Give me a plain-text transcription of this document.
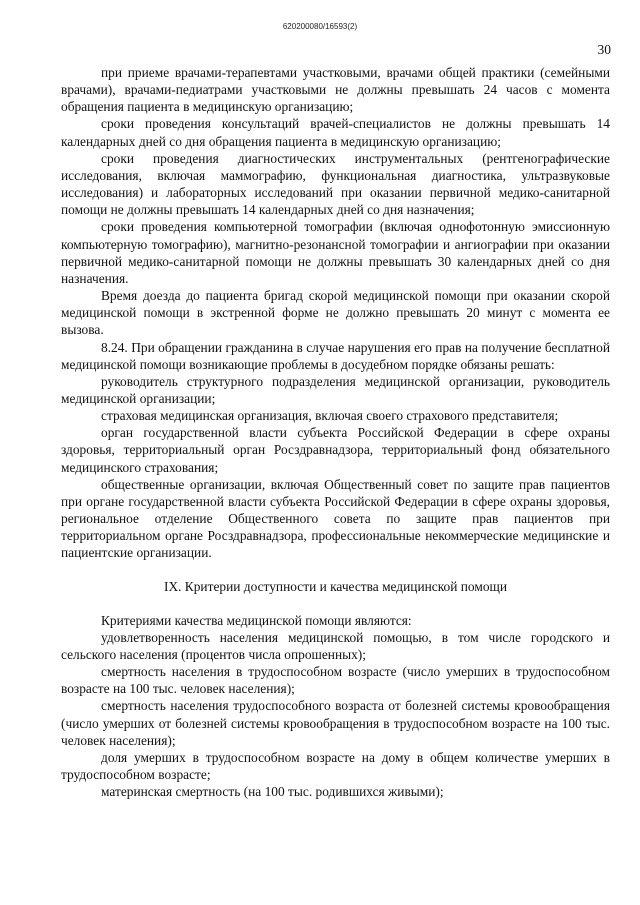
620200080/16593(2)
30

при приеме врачами-терапевтами участковыми, врачами общей практики (семейными врачами), врачами-педиатрами участковыми не должны превышать 24 часов с момента обращения пациента в медицинскую организацию;

сроки проведения консультаций врачей-специалистов не должны превышать 14 календарных дней со дня обращения пациента в медицинскую организацию;

сроки проведения диагностических инструментальных (рентгенографические исследования, включая маммографию, функциональная диагностика, ультразвуковые исследования) и лабораторных исследований при оказании первичной медико-санитарной помощи не должны превышать 14 календарных дней со дня назначения;

сроки проведения компьютерной томографии (включая однофотонную эмиссионную компьютерную томографию), магнитно-резонансной томографии и ангиографии при оказании первичной медико-санитарной помощи не должны превышать 30 календарных дней со дня назначения.

Время доезда до пациента бригад скорой медицинской помощи при оказании скорой медицинской помощи в экстренной форме не должно превышать 20 минут с момента ее вызова.

8.24. При обращении гражданина в случае нарушения его прав на получение бесплатной медицинской помощи возникающие проблемы в досудебном порядке обязаны решать:

руководитель структурного подразделения медицинской организации, руководитель медицинской организации;

страховая медицинская организация, включая своего страхового представителя;

орган государственной власти субъекта Российской Федерации в сфере охраны здоровья, территориальный орган Росздравнадзора, территориальный фонд обязательного медицинского страхования;

общественные организации, включая Общественный совет по защите прав пациентов при органе государственной власти субъекта Российской Федерации в сфере охраны здоровья, региональное отделение Общественного совета по защите прав пациентов при территориальном органе Росздравнадзора, профессиональные некоммерческие медицинские и пациентские организации.

IX. Критерии доступности и качества медицинской помощи

Критериями качества медицинской помощи являются:

удовлетворенность населения медицинской помощью, в том числе городского и сельского населения (процентов числа опрошенных);

смертность населения в трудоспособном возрасте (число умерших в трудоспособном возрасте на 100 тыс. человек населения);

смертность населения трудоспособного возраста от болезней системы кровообращения (число умерших от болезней системы кровообращения в трудоспособном возрасте на 100 тыс. человек населения);

доля умерших в трудоспособном возрасте на дому в общем количестве умерших в трудоспособном возрасте;

материнская смертность (на 100 тыс. родившихся живыми);
